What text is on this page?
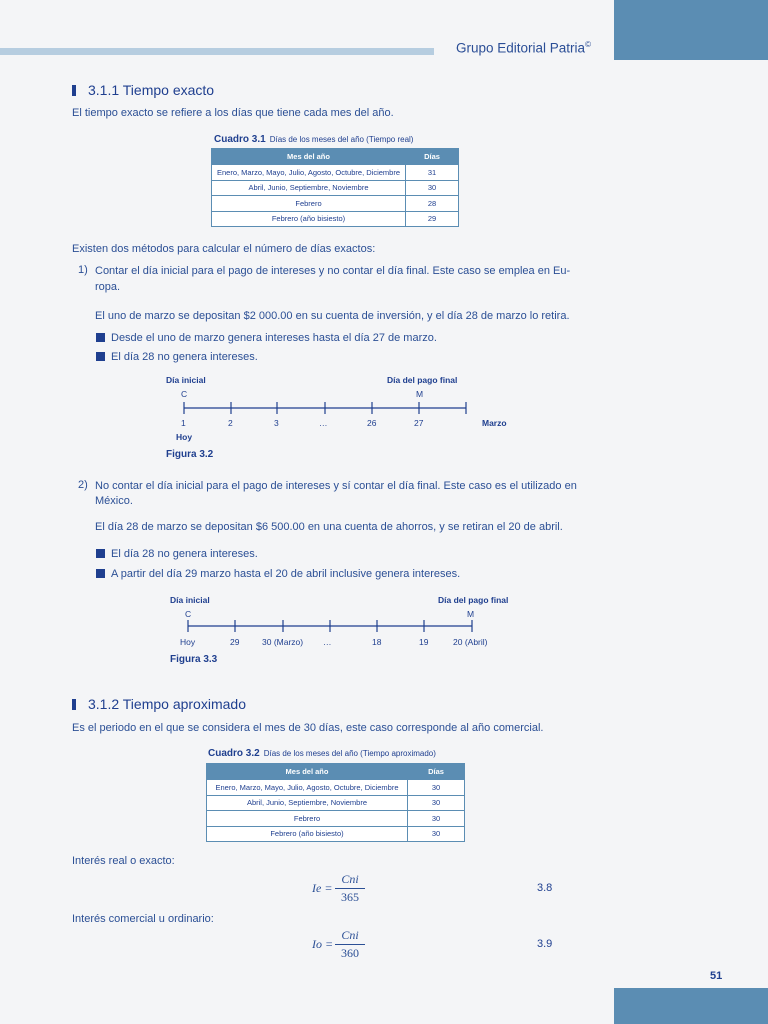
Grupo Editorial Patria©
3.1.1 Tiempo exacto
El tiempo exacto se refiere a los días que tiene cada mes del año.
Cuadro 3.1 Días de los meses del año (Tiempo real)
Mes del año	Días
Enero, Marzo, Mayo, Julio, Agosto, Octubre, Diciembre	31
Abril, Junio, Septiembre, Noviembre	30
Febrero	28
Febrero (año bisiesto)	29
Existen dos métodos para calcular el número de días exactos:
1) Contar el día inicial para el pago de intereses y no contar el día final. Este caso se emplea en Eu-
ropa.
El uno de marzo se depositan $2 000.00 en su cuenta de inversión, y el día 28 de marzo lo retira.
Desde el uno de marzo genera intereses hasta el día 27 de marzo.
El día 28 no genera intereses.
Día inicial
C
Día del pago final
M
1	2	3	…	26	27	Marzo
Hoy
Figura 3.2
2) No contar el día inicial para el pago de intereses y sí contar el día final. Este caso es el utilizado en
México.
El día 28 de marzo se depositan $6 500.00 en una cuenta de ahorros, y se retiran el 20 de abril.
El día 28 no genera intereses.
A partir del día 29 marzo hasta el 20 de abril inclusive genera intereses.
Día inicial
C
Día del pago final
M
Hoy	29	30 (Marzo) …	18	19	20 (Abril)
Figura 3.3
3.1.2 Tiempo aproximado
Es el periodo en el que se considera el mes de 30 días, este caso corresponde al año comercial.
Cuadro 3.2 Días de los meses del año (Tiempo aproximado)
Mes del año	Días
Enero, Marzo, Mayo, Julio, Agosto, Octubre, Diciembre	30
Abril, Junio, Septiembre, Noviembre	30
Febrero	30
Febrero (año bisiesto)	30
Interés real o exacto:
Ie =
Cni
365
3.8
Interés comercial u ordinario:
Io =
Cni
360
3.9
51
